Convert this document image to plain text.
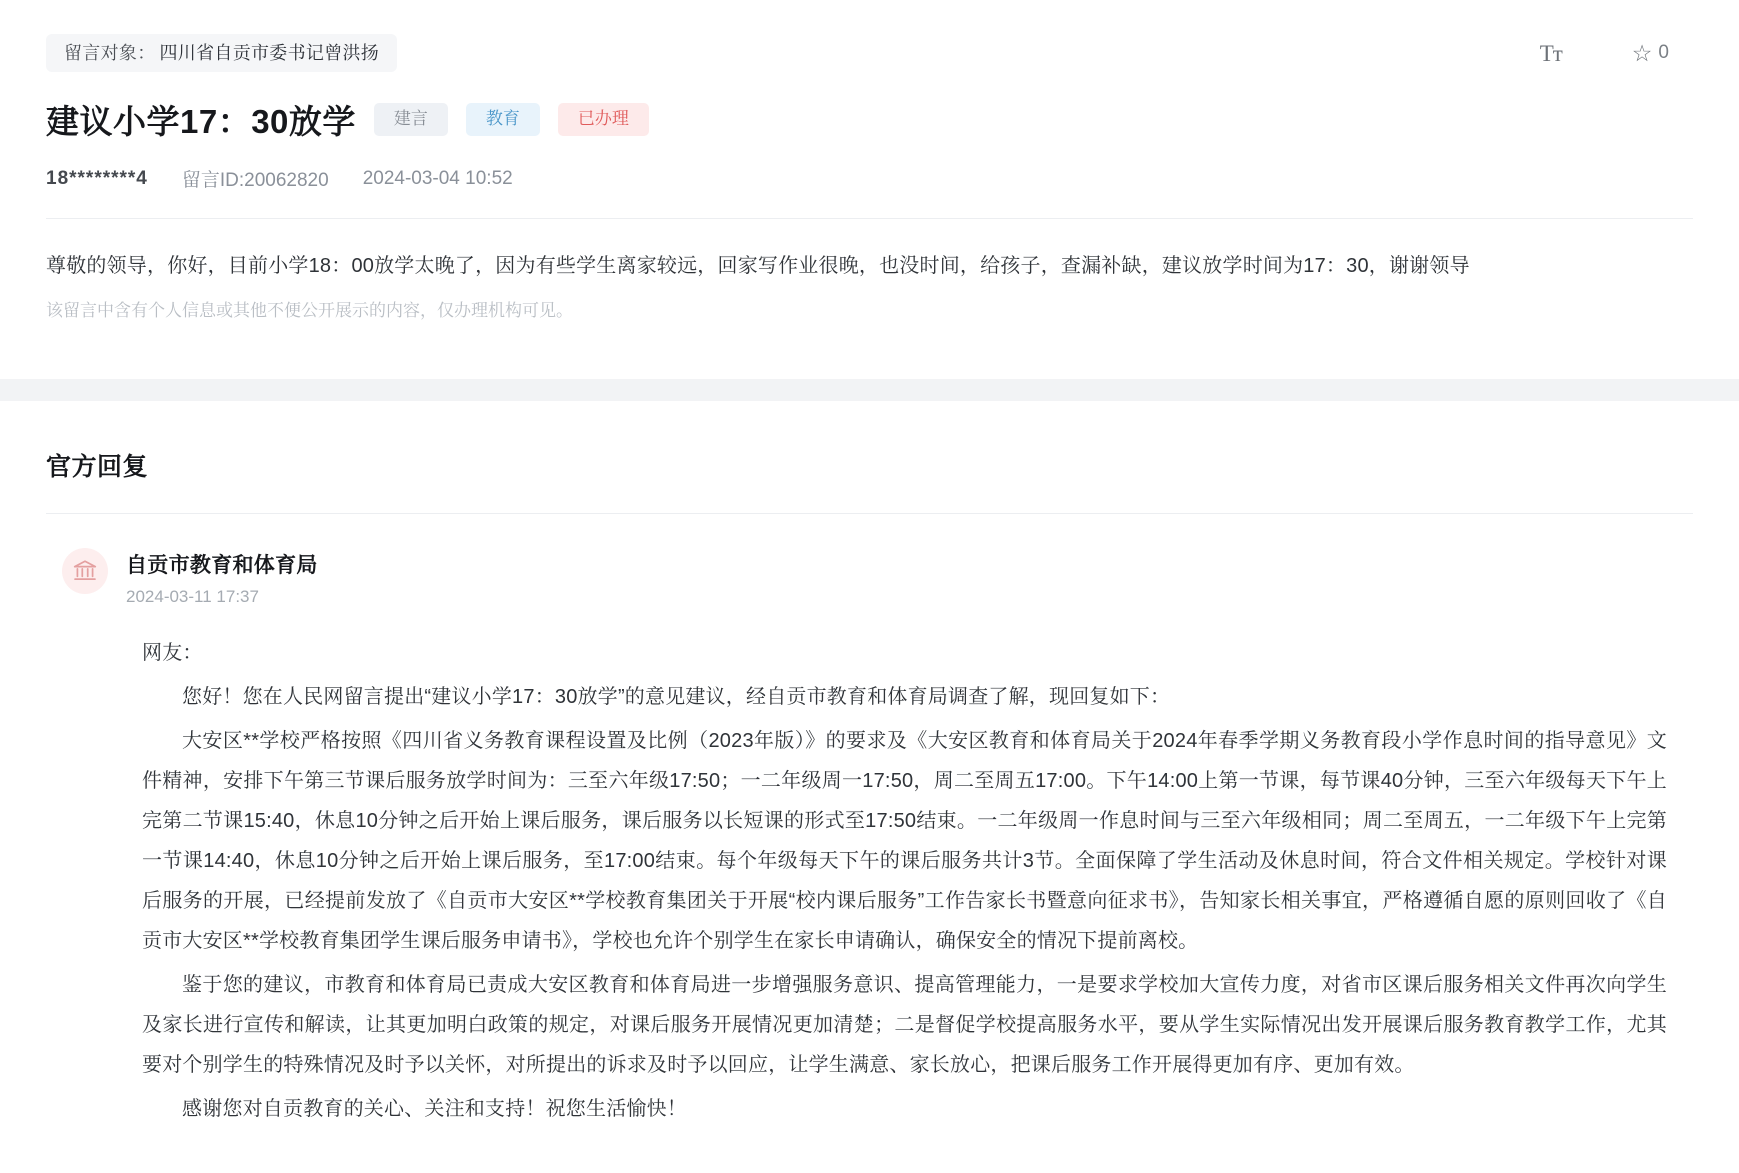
留言对象： 四川省自贡市委书记曾洪扬	Tᴛ	☆ 0
建议小学17：30放学	建言	教育	已办理
18********4 留言ID:20062820 2024-03-04 10:52
尊敬的领导，你好，目前小学18：00放学太晚了，因为有些学生离家较远，回家写作业很晚，也没时间，给孩子，查漏补缺，建议放学时间为17：30，谢谢领导
该留言中含有个人信息或其他不便公开展示的内容，仅办理机构可见。
官方回复
自贡市教育和体育局
2024-03-11 17:37

网友：

您好！您在人民网留言提出“建议小学17：30放学”的意见建议，经自贡市教育和体育局调查了解，现回复如下：

大安区**学校严格按照《四川省义务教育课程设置及比例（2023年版）》的要求及《大安区教育和体育局关于2024年春季学期义务教育段小学作息时间的指导意见》文件精神，安排下午第三节课后服务放学时间为：三至六年级17:50；一二年级周一17:50，周二至周五17:00。下午14:00上第一节课，每节课40分钟，三至六年级每天下午上完第二节课15:40，休息10分钟之后开始上课后服务，课后服务以长短课的形式至17:50结束。一二年级周一作息时间与三至六年级相同；周二至周五，一二年级下午上完第一节课14:40，休息10分钟之后开始上课后服务，至17:00结束。每个年级每天下午的课后服务共计3节。全面保障了学生活动及休息时间，符合文件相关规定。学校针对课后服务的开展，已经提前发放了《自贡市大安区**学校教育集团关于开展“校内课后服务”工作告家长书暨意向征求书》，告知家长相关事宜，严格遵循自愿的原则回收了《自贡市大安区**学校教育集团学生课后服务申请书》，学校也允许个别学生在家长申请确认，确保安全的情况下提前离校。

鉴于您的建议，市教育和体育局已责成大安区教育和体育局进一步增强服务意识、提高管理能力，一是要求学校加大宣传力度，对省市区课后服务相关文件再次向学生及家长进行宣传和解读，让其更加明白政策的规定，对课后服务开展情况更加清楚；二是督促学校提高服务水平，要从学生实际情况出发开展课后服务教育教学工作，尤其要对个别学生的特殊情况及时予以关怀，对所提出的诉求及时予以回应，让学生满意、家长放心，把课后服务工作开展得更加有序、更加有效。

感谢您对自贡教育的关心、关注和支持！祝您生活愉快！
